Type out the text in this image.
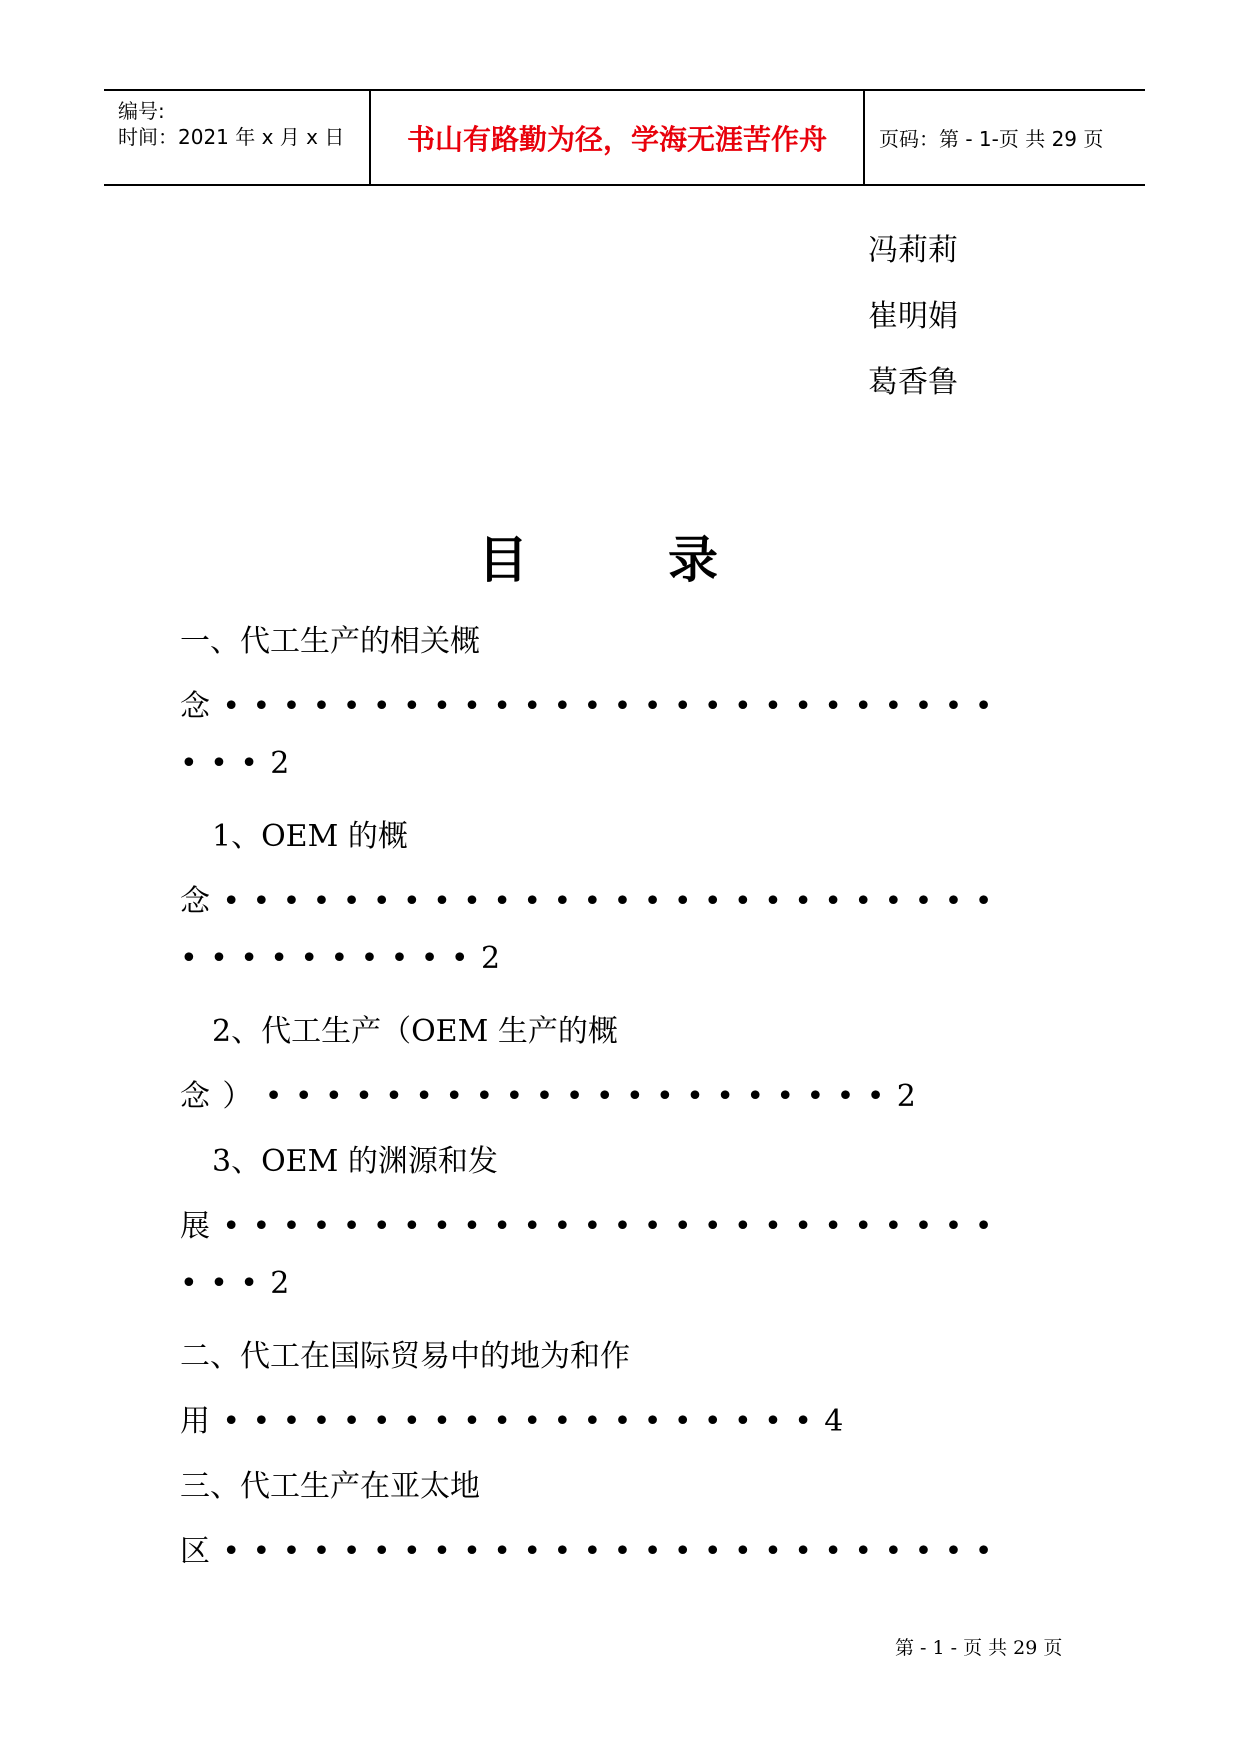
编号:
时间：2021 年 x 月 x 日	书山有路勤为径，学海无涯苦作舟	页码：第 - 1-页 共 29 页
冯莉莉
崔明娟
葛香鲁
目	录
一、代工生产的相关概
念••••••••••••••••••••••••••
•••2
1、OEM 的概
念••••••••••••••••••••••••••
••••••••••2
2、代工生产（OEM 生产的概
念）•••••••••••••••••••••2
3、OEM 的渊源和发
展••••••••••••••••••••••••••
•••2
二、代工在国际贸易中的地为和作
用••••••••••••••••••••4
三、代工生产在亚太地
区••••••••••••••••••••••••••
第 - 1 - 页 共 29 页
